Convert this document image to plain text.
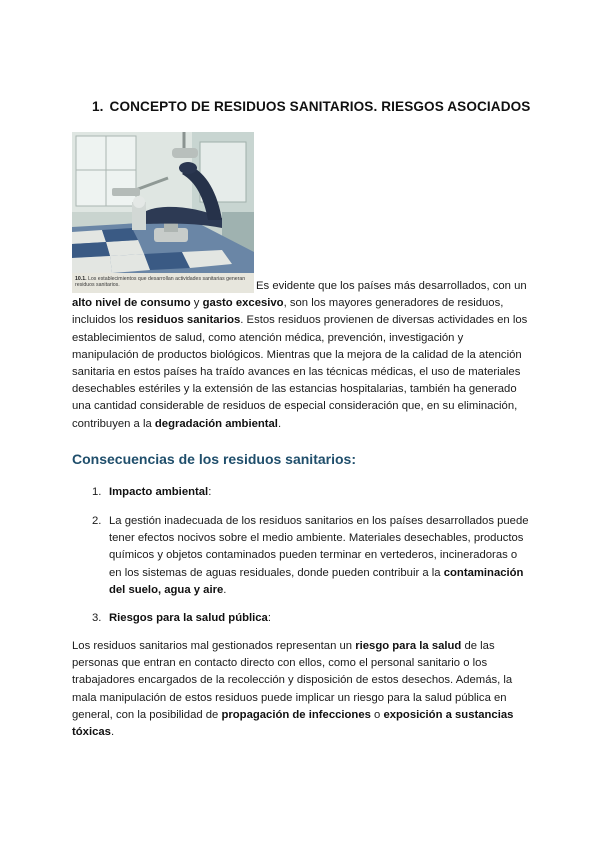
1. CONCEPTO DE RESIDUOS SANITARIOS. RIESGOS ASOCIADOS
10.1. Los establecimientos que desarrollan actividades sanitarias generan residuos sanitarios.	Es evidente que los países más desarrollados, con un alto nivel de consumo y gasto excesivo, son los mayores generadores de residuos, incluidos los residuos sanitarios. Estos residuos provienen de diversas actividades en los establecimientos de salud, como atención médica, prevención, investigación y manipulación de productos biológicos. Mientras que la mejora de la calidad de la atención sanitaria en estos países ha traído avances en las técnicas médicas, el uso de materiales desechables estériles y la extensión de las estancias hospitalarias, también ha generado una cantidad considerable de residuos de especial consideración que, en su eliminación, contribuyen a la degradación ambiental.
Consecuencias de los residuos sanitarios:
1. Impacto ambiental:
2. La gestión inadecuada de los residuos sanitarios en los países desarrollados puede tener efectos nocivos sobre el medio ambiente. Materiales desechables, productos químicos y objetos contaminados pueden terminar en vertederos, incineradoras o en los sistemas de aguas residuales, donde pueden contribuir a la contaminación del suelo, agua y aire.
3. Riesgos para la salud pública:
Los residuos sanitarios mal gestionados representan un riesgo para la salud de las personas que entran en contacto directo con ellos, como el personal sanitario o los trabajadores encargados de la recolección y disposición de estos desechos. Además, la mala manipulación de estos residuos puede implicar un riesgo para la salud pública en general, con la posibilidad de propagación de infecciones o exposición a sustancias tóxicas.
